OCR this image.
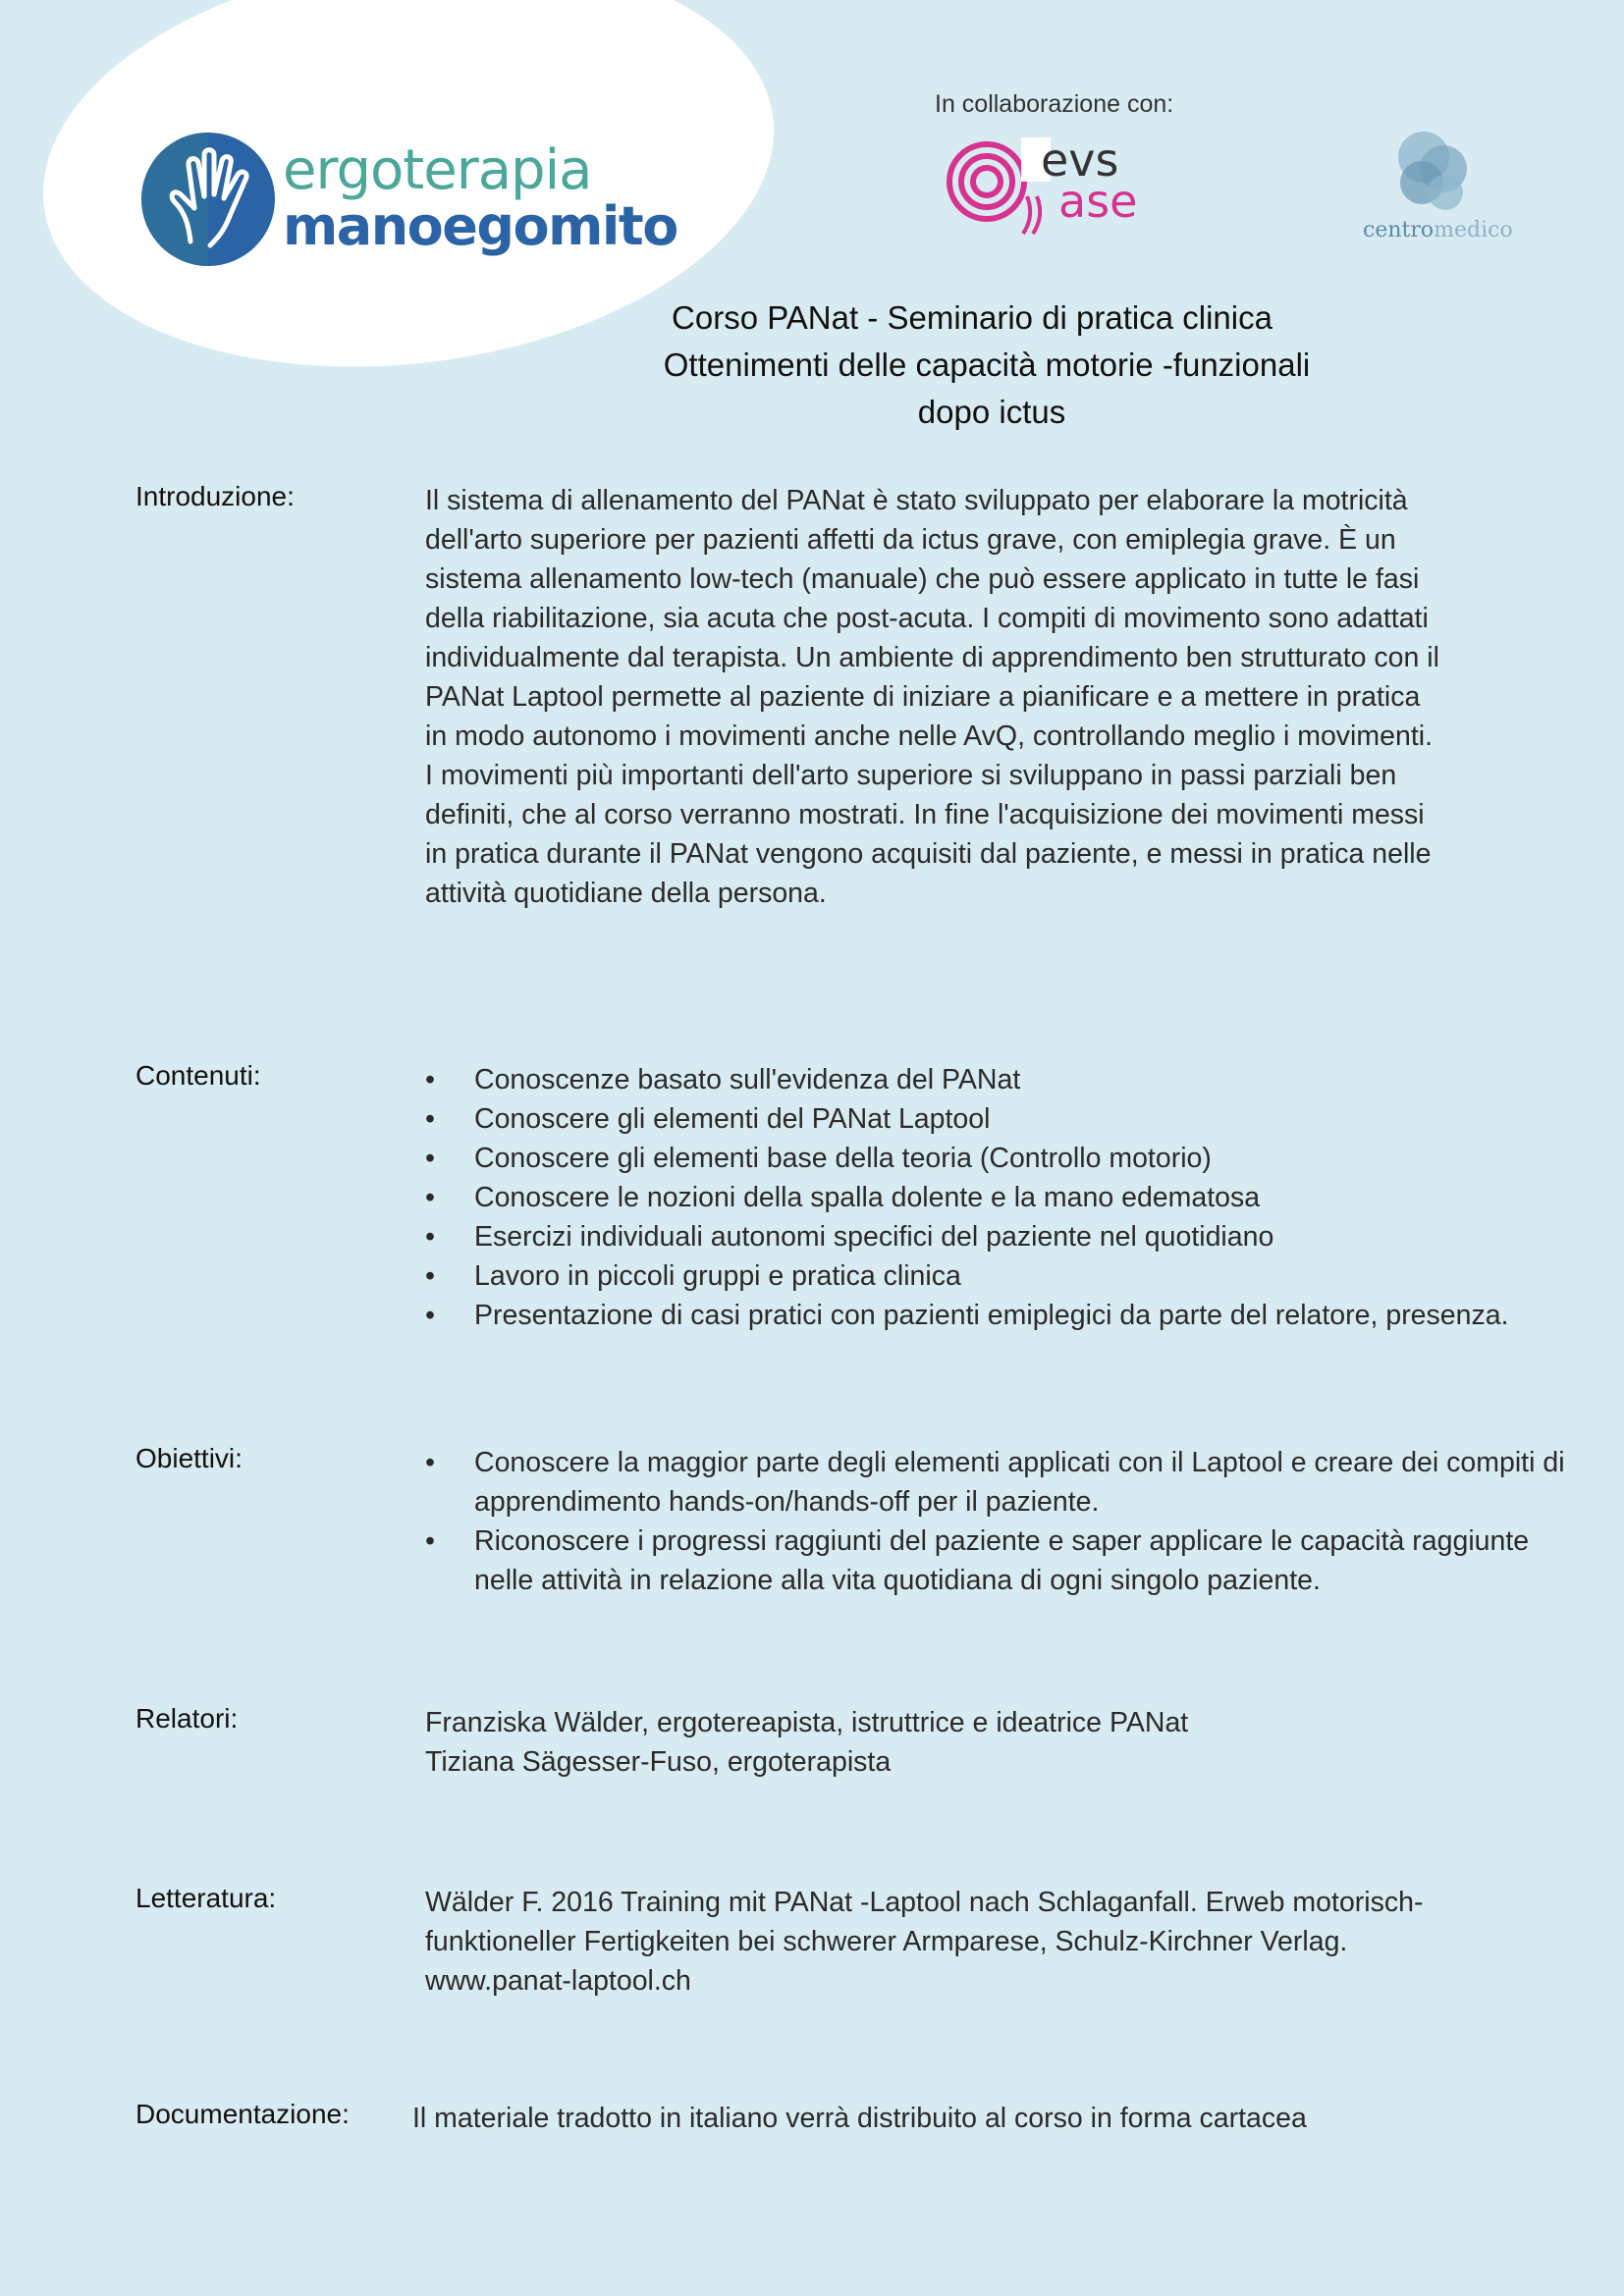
ergoterapia
manoegomito
In collaborazione con:
evs
ase
centromedico
Corso PANat - Seminario di pratica clinica
Ottenimenti delle capacità motorie -funzionali
dopo ictus
Introduzione:	Il sistema di allenamento del PANat è stato sviluppato per elaborare la motricità dell'arto superiore per pazienti affetti da ictus grave, con emiplegia grave. È un sistema allenamento low-tech (manuale) che può essere applicato in tutte le fasi della riabilitazione, sia acuta che post-acuta. I compiti di movimento sono adattati individualmente dal terapista. Un ambiente di apprendimento ben strutturato con il PANat Laptool permette al paziente di iniziare a pianificare e a mettere in pratica in modo autonomo i movimenti anche nelle AvQ, controllando meglio i movimenti.

I movimenti più importanti dell'arto superiore si sviluppano in passi parziali ben definiti, che al corso verranno mostrati. In fine l'acquisizione dei movimenti messi in pratica durante il PANat vengono acquisiti dal paziente, e messi in pratica nelle attività quotidiane della persona.

Contenuti:	• Conoscenze basato sull'evidenza del PANat
• Conoscere gli elementi del PANat Laptool
• Conoscere gli elementi base della teoria (Controllo motorio)
• Conoscere le nozioni della spalla dolente e la mano edematosa
• Esercizi individuali autonomi specifici del paziente nel quotidiano
• Lavoro in piccoli gruppi e pratica clinica
• Presentazione di casi pratici con pazienti emiplegici da parte del relatore, presenza.
Obiettivi:	• Conoscere la maggior parte degli elementi applicati con il Laptool e creare dei compiti di apprendimento hands-on/hands-off per il paziente.
• Riconoscere i progressi raggiunti del paziente e saper applicare le capacità raggiunte nelle attività in relazione alla vita quotidiana di ogni singolo paziente.
Relatori:	Franziska Wälder, ergotereapista, istruttrice e ideatrice PANat
Tiziana Sägesser-Fuso, ergoterapista
Letteratura:	Wälder F. 2016 Training mit PANat -Laptool nach Schlaganfall. Erweb motorisch-funktioneller Fertigkeiten bei schwerer Armparese, Schulz-Kirchner Verlag. www.panat-laptool.ch
Documentazione: Il materiale tradotto in italiano verrà distribuito al corso in forma cartacea
